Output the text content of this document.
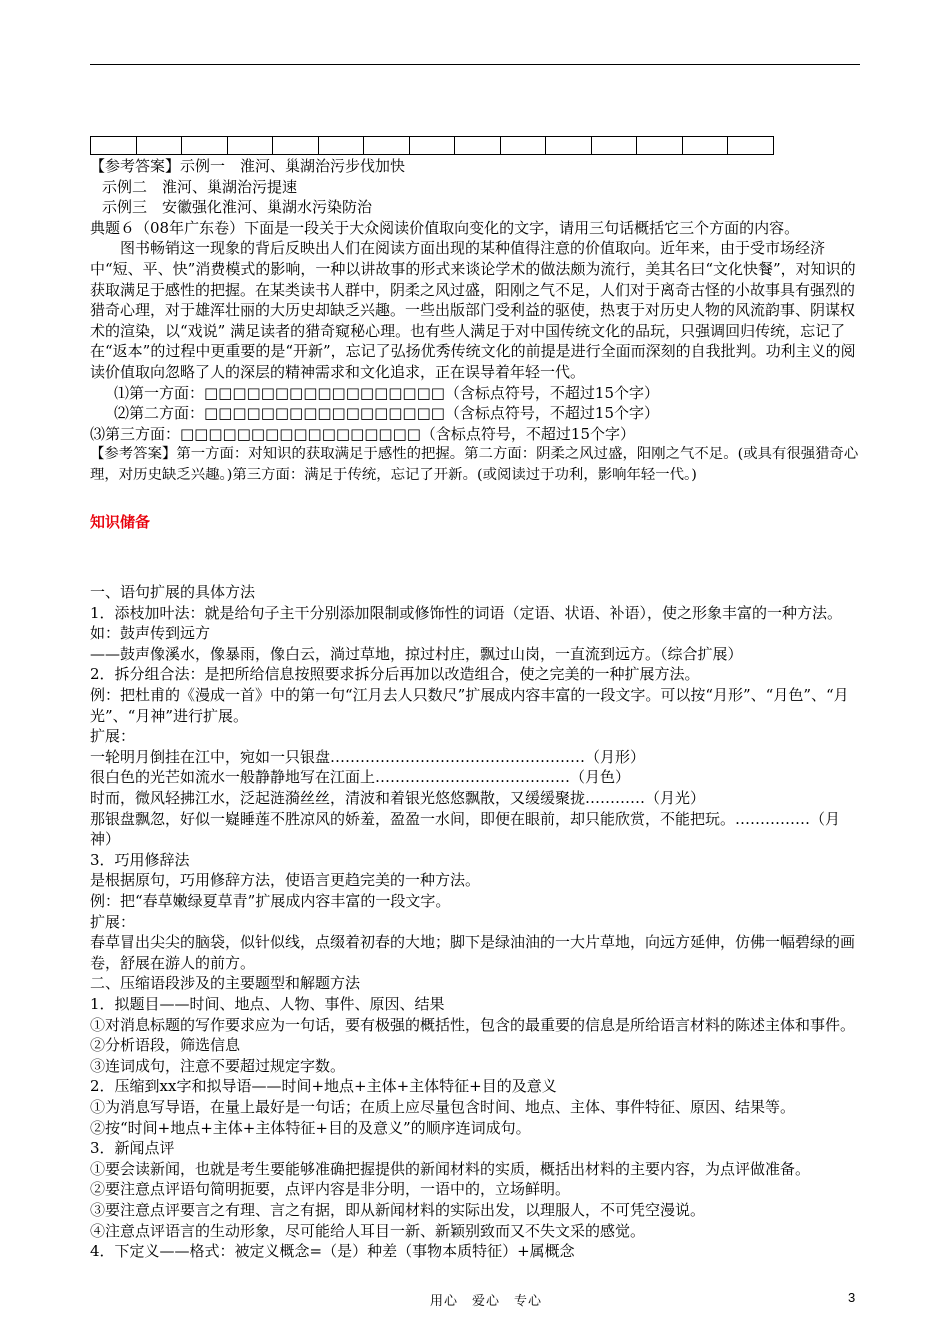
【参考答案】示例一　淮河、巢湖治污步伐加快

示例二　淮河、巢湖治污提速

示例三　安徽强化淮河、巢湖水污染防治

典题６（08年广东卷）下面是一段关于大众阅读价值取向变化的文字，请用三句话概括它三个方面的内容。

图书畅销这一现象的背后反映出人们在阅读方面出现的某种值得注意的价值取向。近年来，由于受市场经济中“短、平、快”消费模式的影响，一种以讲故事的形式来谈论学术的做法颇为流行，美其名曰“文化快餐”，对知识的获取满足于感性的把握。在某类读书人群中，阴柔之风过盛，阳刚之气不足，人们对于离奇古怪的小故事具有强烈的猎奇心理，对于雄浑壮丽的大历史却缺乏兴趣。一些出版部门受利益的驱使，热衷于对历史人物的风流韵事、阴谋权术的渲染，以“戏说” 满足读者的猎奇窥秘心理。也有些人满足于对中国传统文化的品玩，只强调回归传统，忘记了在“返本”的过程中更重要的是“开新”，忘记了弘扬优秀传统文化的前提是进行全面而深刻的自我批判。功利主义的阅读价值取向忽略了人的深层的精神需求和文化追求，正在误导着年轻一代。

⑴第一方面：□□□□□□□□□□□□□□□□□（含标点符号，不超过15个字）

⑵第二方面：□□□□□□□□□□□□□□□□□（含标点符号，不超过15个字）

⑶第三方面：□□□□□□□□□□□□□□□□□（含标点符号，不超过15个字）

【参考答案】第一方面：对知识的获取满足于感性的把握。第二方面：阴柔之风过盛，阳刚之气不足。(或具有很强猎奇心理，对历史缺乏兴趣。)第三方面：满足于传统，忘记了开新。(或阅读过于功利，影响年轻一代。)

知识储备

一、语句扩展的具体方法

1．添枝加叶法：就是给句子主干分别添加限制或修饰性的词语（定语、状语、补语），使之形象丰富的一种方法。

如：鼓声传到远方

——鼓声像溪水，像暴雨，像白云，淌过草地，掠过村庄，飘过山岗，一直流到远方。（综合扩展）

2．拆分组合法：是把所给信息按照要求拆分后再加以改造组合，使之完美的一种扩展方法。

例：把杜甫的《漫成一首》中的第一句“江月去人只数尺”扩展成内容丰富的一段文字。可以按“月形”、“月色”、“月光”、“月神”进行扩展。

扩展：

一轮明月倒挂在江中，宛如一只银盘……………………………………………（月形）

很白色的光芒如流水一般静静地写在江面上…………………………………（月色）

时而，微风轻拂江水，泛起涟漪丝丝，清波和着银光悠悠飘散，又缓缓聚拢…………（月光）

那银盘飘忽，好似一嶷睡莲不胜凉风的娇羞，盈盈一水间，即便在眼前，却只能欣赏，不能把玩。……………（月神）

3．巧用修辞法

是根据原句，巧用修辞方法，使语言更趋完美的一种方法。

例：把“春草嫩绿夏草青”扩展成内容丰富的一段文字。

扩展：

春草冒出尖尖的脑袋，似针似线，点缀着初春的大地；脚下是绿油油的一大片草地，向远方延伸，仿佛一幅碧绿的画卷，舒展在游人的前方。

二、压缩语段涉及的主要题型和解题方法

1．拟题目——时间、地点、人物、事件、原因、结果

①对消息标题的写作要求应为一句话，要有极强的概括性，包含的最重要的信息是所给语言材料的陈述主体和事件。

②分析语段，筛选信息

③连词成句，注意不要超过规定字数。

2．压缩到xx字和拟导语——时间+地点+主体+主体特征+目的及意义

①为消息写导语，在量上最好是一句话；在质上应尽量包含时间、地点、主体、事件特征、原因、结果等。

②按“时间+地点+主体+主体特征+目的及意义”的顺序连词成句。

3．新闻点评

①要会读新闻，也就是考生要能够准确把握提供的新闻材料的实质，概括出材料的主要内容，为点评做准备。

②要注意点评语句简明扼要，点评内容是非分明，一语中的，立场鲜明。

③要注意点评要言之有理、言之有据，即从新闻材料的实际出发，以理服人，不可凭空漫说。

④注意点评语言的生动形象，尽可能给人耳目一新、新颖别致而又不失文采的感觉。

4．下定义——格式：被定义概念=（是）种差（事物本质特征）+属概念

用心　爱心　专心	3
